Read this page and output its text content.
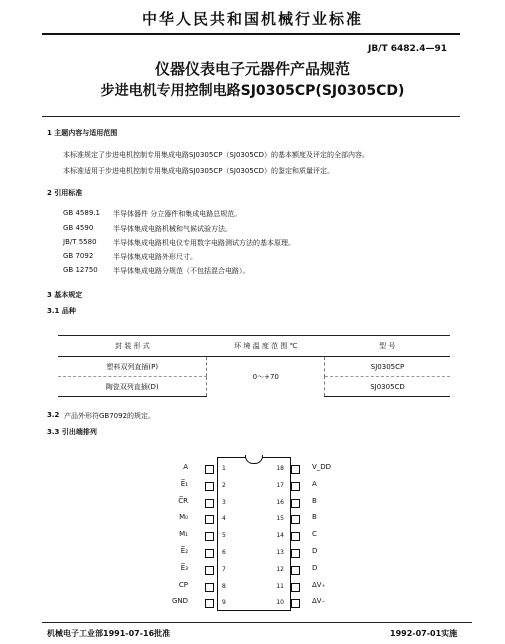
中华人民共和国机械行业标准
JB/T 6482.4—91
仪器仪表电子元器件产品规范
步进电机专用控制电路SJ0305CP(SJ0305CD)
1 主题内容与适用范围
本标准规定了步进电机控制专用集成电路SJ0305CP（SJ0305CD）的基本额度及评定的全部内容。
本标准适用于步进电机控制专用集成电路SJ0305CP（SJ0305CD）的鉴定和质量评定。
2 引用标准
GB 4589.1 半导体器件 分立器件和集成电路总规范。
GB 4590	半导体集成电路机械和气候试验方法。
JB/T 5580 半导体集成电路机电仪专用数字电路测试方法的基本原理。
GB 7092	半导体集成电路外形尺寸。
GB 12750 半导体集成电路分规范（不包括混合电路）。
3 基本规定
3.1 品种
封 装 形 式	环 境 温 度 范 围 ℃	型 号
塑料双列直插(P)	0～+70	SJ0305CP
陶瓷双列直插(D)		SJ0305CD
3.2 产品外形符GB7092的规定。
3.3 引出端排列
A	1
E̅₁	2
C̅R	3
M₀	4
M₁	5
E̅₂	6
E̅₃	7
CP	8
GND	9
18	V_DD
17	A
16	B
15	B
14	C
13	D
12	D
11	ΔV₊
10	ΔV₋
机械电子工业部1991-07-16批准	1992-07-01实施
